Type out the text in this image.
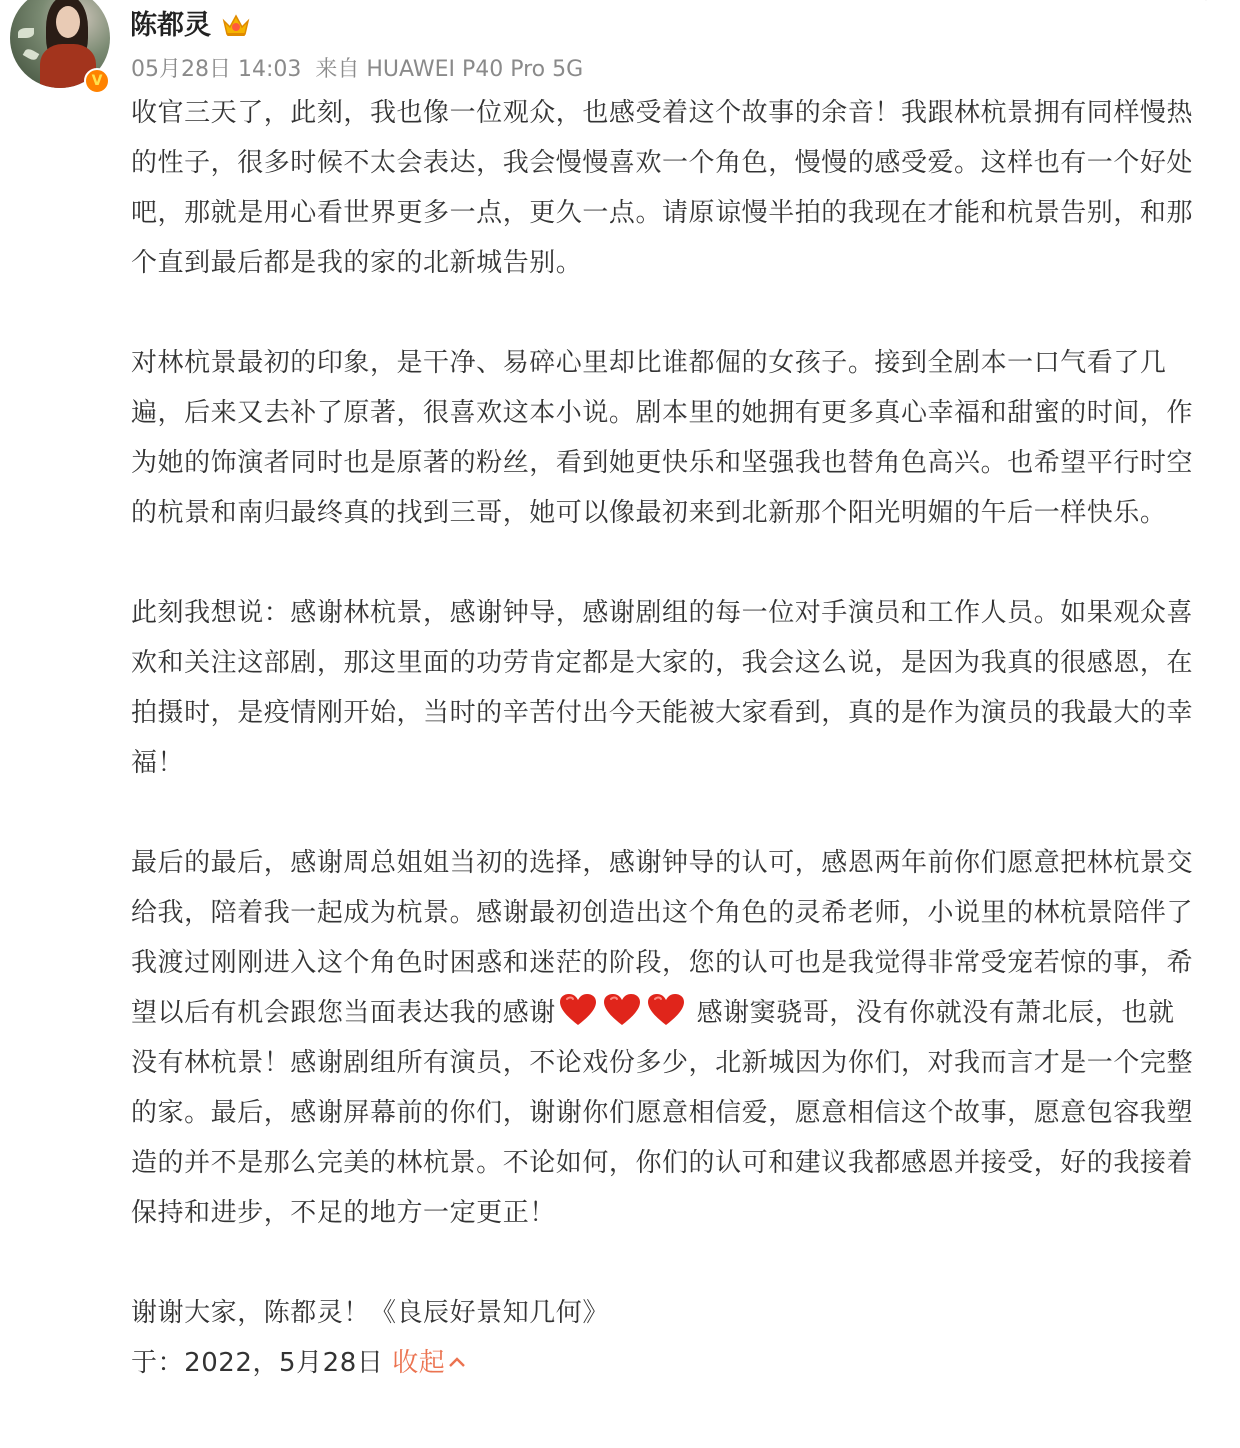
V
陈都灵
05月28日 14:03  来自 HUAWEI P40 Pro 5G

收官三天了，此刻，我也像一位观众，也感受着这个故事的余音！我跟林杭景拥有同样慢热的性子，很多时候不太会表达，我会慢慢喜欢一个角色，慢慢的感受爱。这样也有一个好处吧，那就是用心看世界更多一点，更久一点。请原谅慢半拍的我现在才能和杭景告别，和那个直到最后都是我的家的北新城告别。

对林杭景最初的印象，是干净、易碎心里却比谁都倔的女孩子。接到全剧本一口气看了几遍，后来又去补了原著，很喜欢这本小说。剧本里的她拥有更多真心幸福和甜蜜的时间，作为她的饰演者同时也是原著的粉丝，看到她更快乐和坚强我也替角色高兴。也希望平行时空的杭景和南归最终真的找到三哥，她可以像最初来到北新那个阳光明媚的午后一样快乐。

此刻我想说：感谢林杭景，感谢钟导，感谢剧组的每一位对手演员和工作人员。如果观众喜欢和关注这部剧，那这里面的功劳肯定都是大家的，我会这么说，是因为我真的很感恩，在拍摄时，是疫情刚开始，当时的辛苦付出今天能被大家看到，真的是作为演员的我最大的幸福！

最后的最后，感谢周总姐姐当初的选择，感谢钟导的认可，感恩两年前你们愿意把林杭景交给我，陪着我一起成为杭景。感谢最初创造出这个角色的灵希老师，小说里的林杭景陪伴了我渡过刚刚进入这个角色时困惑和迷茫的阶段，您的认可也是我觉得非常受宠若惊的事，希望以后有机会跟您当面表达我的感谢	感谢窦骁哥，没有你就没有萧北辰，也就没有林杭景！感谢剧组所有演员，不论戏份多少，北新城因为你们，对我而言才是一个完整的家。最后，感谢屏幕前的你们，谢谢你们愿意相信爱，愿意相信这个故事，愿意包容我塑造的并不是那么完美的林杭景。不论如何，你们的认可和建议我都感恩并接受，好的我接着保持和进步，不足的地方一定更正！

谢谢大家，陈都灵！《良辰好景知几何》

于：2022，5月28日 收起
